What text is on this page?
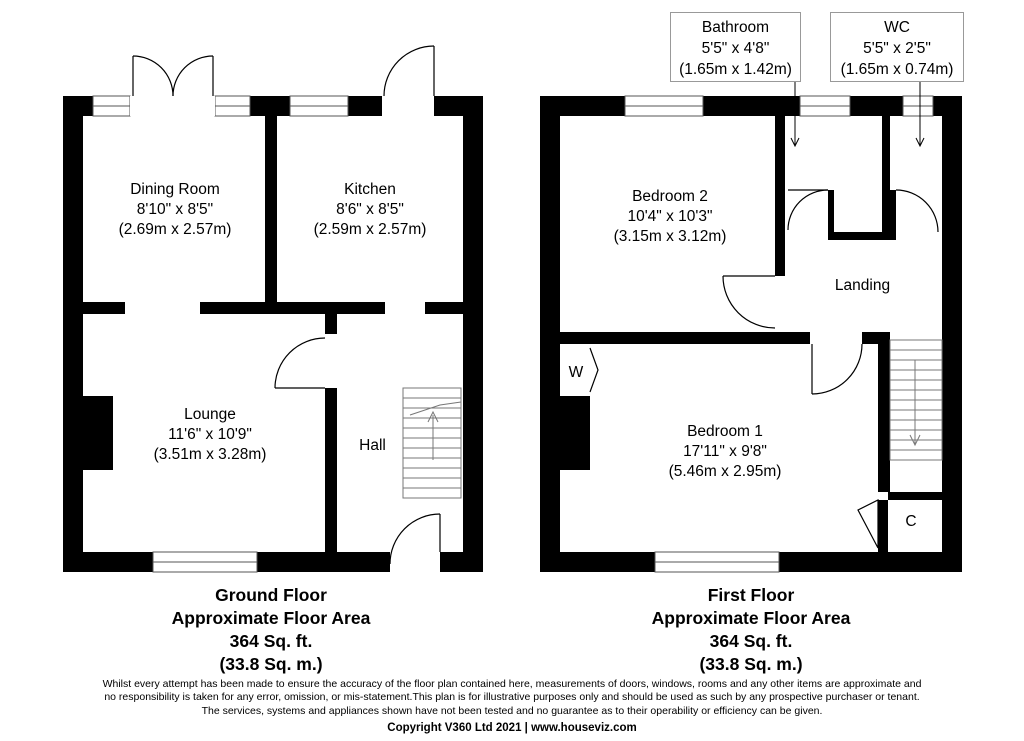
Dining Room
8'10" x 8'5"
(2.69m x 2.57m)
Kitchen
8'6" x 8'5"
(2.59m x 2.57m)
Lounge
11'6" x 10'9"
(3.51m x 3.28m)
Hall
Bedroom 2
10'4" x 10'3"
(3.15m x 3.12m)
Landing
Bedroom 1
17'11" x 9'8"
(5.46m x 2.95m)
W
C
Bathroom
5'5" x 4'8"
(1.65m x 1.42m)
WC
5'5" x 2'5"
(1.65m x 0.74m)
Ground Floor
Approximate Floor Area
364 Sq. ft.
(33.8 Sq. m.)
First Floor
Approximate Floor Area
364 Sq. ft.
(33.8 Sq. m.)
Whilst every attempt has been made to ensure the accuracy of the floor plan contained here, measurements of doors, windows, rooms and any other items are approximate and
no responsibility is taken for any error, omission, or mis-statement.This plan is for illustrative purposes only and should be used as such by any prospective purchaser or tenant.
The services, systems and appliances shown have not been tested and no guarantee as to their operability or efficiency can be given.
Copyright V360 Ltd 2021 | www.houseviz.com
